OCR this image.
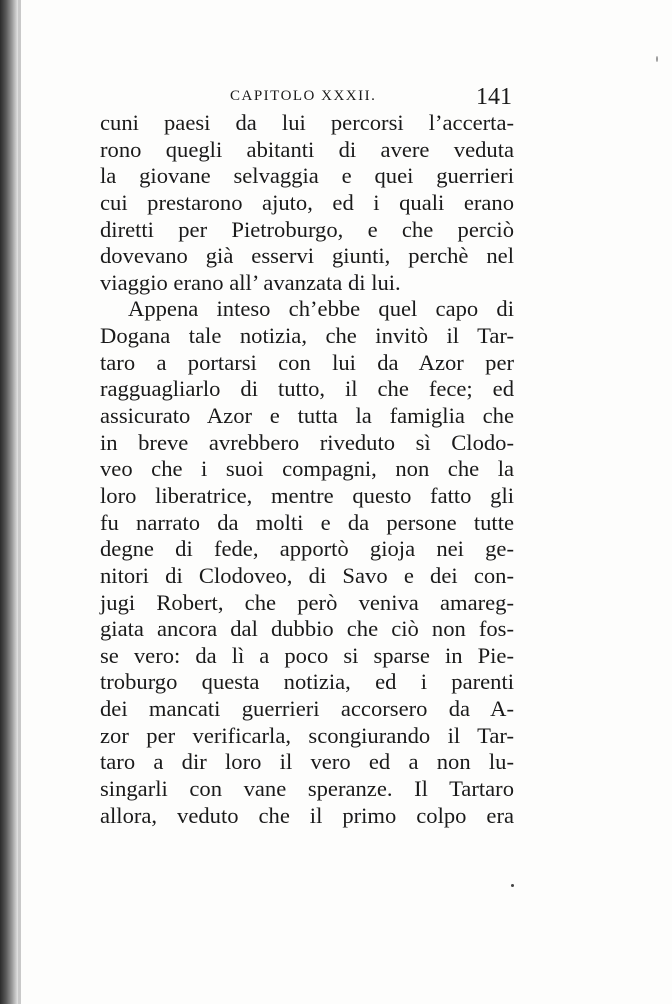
CAPITOLO XXXII.	141
cuni paesi da lui percorsi l’accerta-
rono quegli abitanti di avere veduta
la giovane selvaggia e quei guerrieri
cui prestarono ajuto, ed i quali erano
diretti per Pietroburgo, e che perciò
dovevano già esservi giunti, perchè nel
viaggio erano all’ avanzata di lui.
Appena inteso ch’ebbe quel capo di
Dogana tale notizia, che invitò il Tar-
taro a portarsi con lui da Azor per
ragguagliarlo di tutto, il che fece; ed
assicurato Azor e tutta la famiglia che
in breve avrebbero riveduto sì Clodo-
veo che i suoi compagni, non che la
loro liberatrice, mentre questo fatto gli
fu narrato da molti e da persone tutte
degne di fede, apportò gioja nei ge-
nitori di Clodoveo, di Savo e dei con-
jugi Robert, che però veniva amareg-
giata ancora dal dubbio che ciò non fos-
se vero: da lì a poco si sparse in Pie-
troburgo questa notizia, ed i parenti
dei mancati guerrieri accorsero da A-
zor per verificarla, scongiurando il Tar-
taro a dir loro il vero ed a non lu-
singarli con vane speranze. Il Tartaro
allora, veduto che il primo colpo era
